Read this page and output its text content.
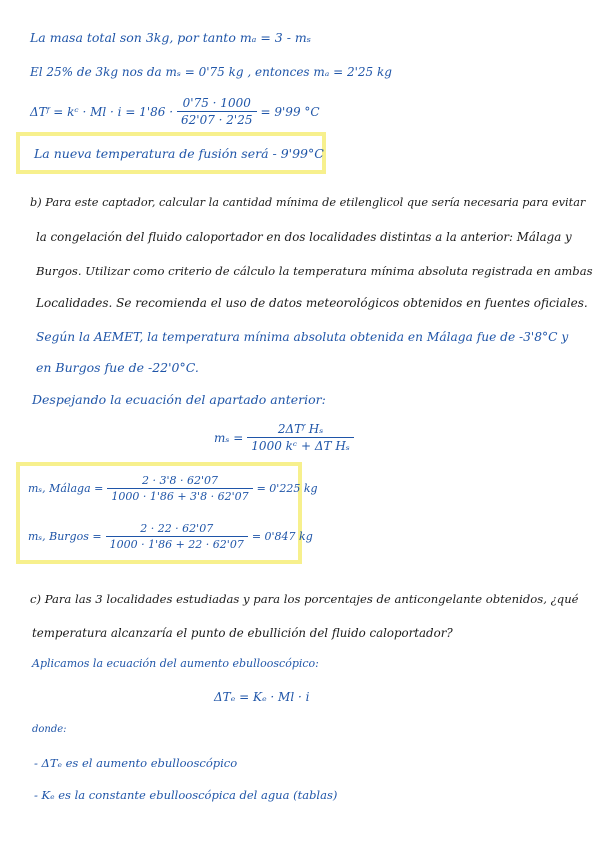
La masa total son 3kg, por tanto mₐ = 3 - mₛ
El 25% de 3kg nos da mₛ = 0'75 kg , entonces mₐ = 2'25 kg
ΔTᶠ = kᶜ · $Ml \cdot i = 1'86 \cdot \frac{0'75 \cdot 1000}{62'07 \cdot 2'25} = 9'99$ °C
La nueva temperatura de fusión será - 9'99°C
b) Para este captador, calcular la cantidad mínima de etilenglicol que sería necesaria para evitar
la congelación del fluido caloportador en dos localidades distintas a la anterior: Málaga y
Burgos. Utilizar como criterio de cálculo la temperatura mínima absoluta registrada en ambas
Localidades. Se recomienda el uso de datos meteorológicos obtenidos en fuentes oficiales.
Según la AEMET, la temperatura mínima absoluta obtenida en Málaga fue de -3'8°C y
en Burgos fue de -22'0°C.
Despejando la ecuación del apartado anterior:
$m_s = \frac{\text{2ΔTᶠ Hₛ}}{\text{1000 kᶜ + ΔT Hₛ}}$
mₛ, Málaga = $\frac{2 \cdot 3'8 \cdot 62'07}{1000 \cdot 1'86 + 3'8 \cdot 62'07} = 0'225$ kg
mₛ, Burgos = $\frac{2 \cdot 22 \cdot 62'07}{1000 \cdot 1'86 + 22 \cdot 62'07} = 0'847$ kg
c) Para las 3 localidades estudiadas y para los porcentajes de anticongelante obtenidos, ¿qué
temperatura alcanzaría el punto de ebullición del fluido caloportador?
Aplicamos la ecuación del aumento ebullooscópico:
ΔTₑ = Kₑ · Ml · i
donde:
- ΔTₑ es el aumento ebullooscópico
- Kₑ es la constante ebullooscópica del agua (tablas)
